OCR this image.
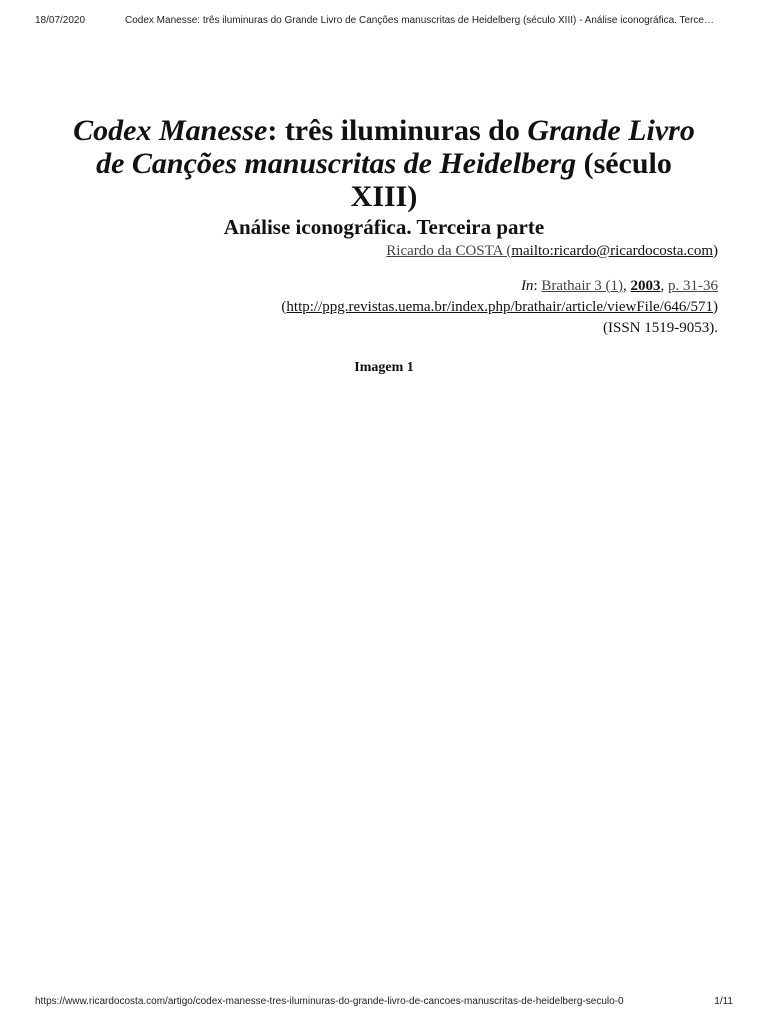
18/07/2020	Codex Manesse: três iluminuras do Grande Livro de Canções manuscritas de Heidelberg (século XIII) - Análise iconográfica. Terce…
Codex Manesse: três iluminuras do Grande Livro de Canções manuscritas de Heidelberg (século XIII)
Análise iconográfica. Terceira parte
Ricardo da COSTA (mailto:ricardo@ricardocosta.com)
In: Brathair 3 (1), 2003, p. 31-36
(http://ppg.revistas.uema.br/index.php/brathair/article/viewFile/646/571)
(ISSN 1519-9053).
Imagem 1
https://www.ricardocosta.com/artigo/codex-manesse-tres-iluminuras-do-grande-livro-de-cancoes-manuscritas-de-heidelberg-seculo-0	1/11
